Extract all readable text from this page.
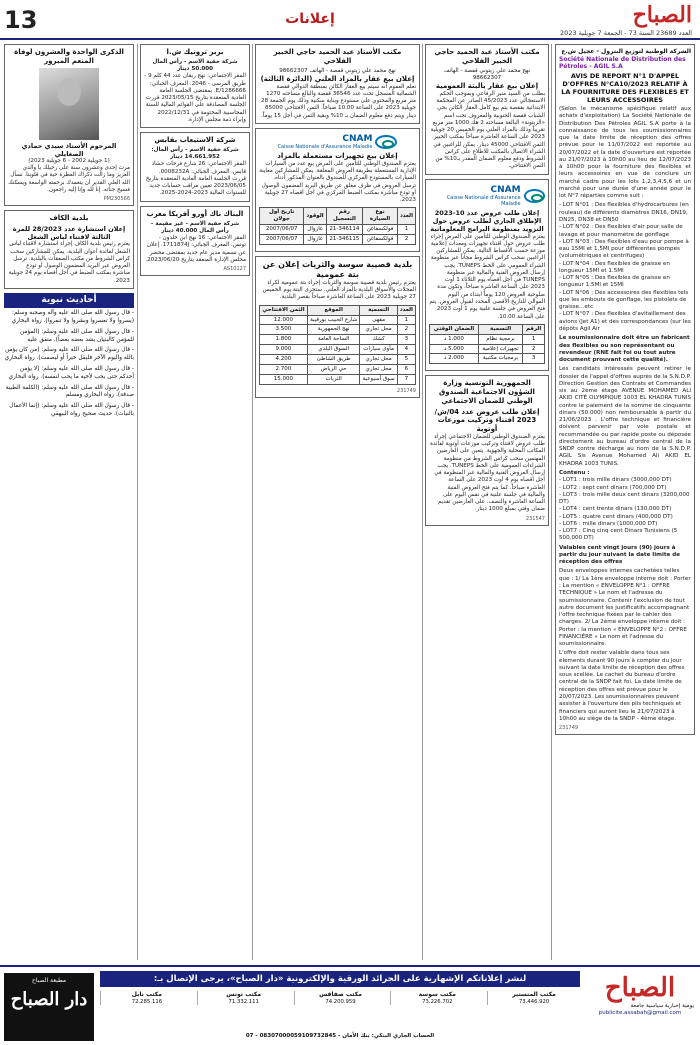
13	إعلانات	الصباح
العدد 23689 السنة 73 - الجمعة 7 جويلية 2023
الشركة الوطنية لتوزيع البترول - عجيل ش.ع
Société Nationale de Distribution des Pétroles - AGIL S.A
AVIS DE REPORT N°1 D'APPEL D'OFFRES N°CA10/2023 RELATIF À LA FOURNITURE DES FLEXIBLES ET LEURS ACCESSOIRES
(Selon le mécanisme spécifique relatif aux achats d'exploitation) La Société Nationale de Distribution Des Pétroles AGIL S.A porte à la connaissance de tous les soumissionnaires que la date limite de réception des offres prévue pour le 11/07/2022 est reportée au 20/07/2022 et la date d'ouverture est reportée au 21/07/2023 à 10h00 au lieu de 12/07/2023 à 10h00 pour la fourniture des flexibles et leurs accessoires en vue de conclure un marché cadre pour les lots 1,2,3,4,5,6 et un marché pour une durée d'une année pour le lot N°7 réparties comme suit :
- LOT N°01 : Des flexibles d'hydrocarbures (en rouleau) de différents diamètres DN16, DN19, DN25, DN38 et DN50
- LOT N°02 : Des flexibles d'air pour salle de lavage et pour manomètre de gonflage
- LOT N°03 : Des flexibles d'eau pour pompe à eau 15MI et 1,5MI pour différentes pompes (volumétriques et centrifuges)
- LOT N°04 : Des flexibles de graisse en longueur 15Ml et 1.5Ml
- LOT N°05 : Des flexibles de graisse en longueur 1.5Ml et 15Ml
- LOT N°06 : Des accessoires des flexibles tels que les embouts de gonflage, les pistolets de graisse...etc
- LOT N°07 : Des flexibles d'avitaillement des avions (Jet A1) et des correspondances (sur les dépôts Agil Air
Le soumissionnaire doit être un fabricant des flexibles ou son représentant ou revendeur (RNE fait foi ou tout autre document prouvant cette qualité).
Les candidats intéressés peuvent retirer le dossier de l'appel d'offres auprès de la S.N.D.P. Direction Gestion des Contrats et Commandes sis au 2ème étage AVENUE MOHAMED ALI AKID CITÉ OLYMPIQUE 1003 EL KHADRA TUNIS contre le paiement de la somme de cinquante dinars (50.000) non remboursable à partir du 21/06/2023 . L'offre technique et financière doivent parvenir par voie postale et recommandée ou par rapide poste ou déposée directement au bureau d'ordre central de la SNDP contre décharge au nom de la S.N.D.P. AGIL Sis Avenue Mohamed Ali AKID EL KHADRA 1003 TUNIS.
Contenu :
- LOT1 : trois mille dinars (3000,000 DT)
- LOT2 : sept cent dinars (700,000 DT)
- LOT3 : trois mille deux cent dinars (3200,000 DT)
- LOT4 : cent trente dinars (130,000 DT)
- LOT5 : quatre cent dinars (400,000 DT)
- LOT6 : mille dinars (1000,000 DT)
- LOT7 : Cinq cinq cent Dinars Tunisiens (5 500,000 DT)
Valables cent vingt jours (90) jours à partir du jour suivant la date limite de réception des offres
Deux enveloppes internes cachetées telles que : 1/ La 1ère enveloppe interne doit : Porter : La mention « ENVELOPPE N°1 : OFFRE TECHNIQUE » Le nom et l'adresse du soumissionnaire. Contenir l'exclusion de tout autre document les justificatifs accompagnant l'offre technique fixées par le cahier des charges. 2/ La 2ème enveloppe interne doit : Porter : la mention « ENVELOPPE N°2 : OFFRE FINANCIÈRE » Le nom et l'adresse du soumissionnaire.
L'offre doit rester valable dans tous ses éléments durant 90 jours à compter du jour suivant la date limite de réception des offres sous scellée. Le cachet du bureau d'ordre central de la SNDP fait foi. La date limite de réception des offres est prévue pour le 20/07/2023. Les soumissionnaires peuvent assister à l'ouverture des plis techniques et financiers qui auront lieu le 21/07/2023 à 10h00 au siège de la SNDP - 4ème étage.
231749
مكتب الأستاذ عبد الحميد حاجي الخبير الفلاحي
نهج محمد علي زيتوني قفصة - الهاتف 98662307
إعلان بيع عقار بالبتة العمومية
بطلب من السيد منير الرفاعي وبموجب الحكم الاستعجالي عدد 45/2023 الصادر عن المحكمة الابتدائية بقفصة يتم بيع كامل العقار الكائن بحي الشباب قفصة الجنوبية والمعروف تحت اسم «الزيتونة» البالغة مساحته 2 هك 1000 متر مربع تقريباً وذلك بالمزاد العلني يوم الخميس 20 جويلية 2023 على الساعة العاشرة صباحاً بمكتب الخبير. الثمن الافتتاحي 45000 دينار. يمكن للراغبين في الشراء الاتصال بالمكتب للاطلاع على كراس الشروط ودفع معلوم الضمان المقدر بـ10% من الثمن الافتتاحي.
CNAM
Caisse Nationale d'Assurance Maladie
إعلان طلب عروض عدد 10-2023 الإطلاق الجاري لطلب عروض حول التزويد بمنظومة البرامج المعلوماتية
يعتزم الصندوق الوطني للتأمين على المرض إجراء طلب عروض حول اقتناء تجهيزات ومعدات إعلامية موزعة حسب الأقساط التالية. يمكن للمشاركين الراغبين سحب كراس الشروط مجاناً عبر منظومة الشراء العمومي على الخط TUNEPS. يجب إرسال العروض الفنية والمالية عبر منظومة TUNEPS في أجل أقصاه يوم الثلاثاء 1 أوت 2023 على الساعة العاشرة صباحاً. وتكون مدة صلوحية العروض 120 يوماً ابتداء من اليوم الموالي للتاريخ الأقصى المحدد لقبول العروض. يتم فتح العروض في جلسة علنية يوم 1 أوت 2023 على الساعة 10.00.
الرقم	التسمية	الضمان الوقتي
1	برمجية نظام	1.000 د
2	تجهيزات إعلامية	5.000 د
3	برمجيات مكتبية	2.000 د
الجمهورية التونسية وزارة الشؤون الاجتماعية الصندوق الوطني للضمان الاجتماعي
إعلان طلب عروض عدد 04/ش/ 2023 اقتناء وتركيب موزعات أوتوية
يعتزم الصندوق الوطني للضمان الاجتماعي إجراء طلب عروض لاقتناء وتركيب موزعات أوتوية لفائدة المكاتب المحلية والجهوية. يتعين على العارضين المهتمين سحب كراس الشروط من منظومة الشراءات العمومية على الخط TUNEPS. يجب إرسال العروض الفنية والمالية عبر المنظومة في أجل أقصاه يوم 4 أوت 2023 على الساعة العاشرة صباحاً. كما يتم فتح العروض الفنية والمالية في جلسة علنية في نفس اليوم على الساعة العاشرة والنصف. على العارضين تقديم ضمان وقتي بمبلغ 1000 دينار.
231547
مكتب الأستاذ عبد الحميد حاجي الخبير الفلاحي
نهج محمد علي زيتوني قفصة - الهاتف 98662307
إعلان بيع عقار بالمزاد العلني (الدائرة الثالثة)
نعلم العموم أنه سيتم بيع العقار الكائن بمنطقة الدوالي قفصة الشمالية المسجل تحت عدد 36546 قفصة والبالغ مساحته 1270 متر مربع والمحتوي على مستودع وبناية سكنية وذلك يوم الجمعة 28 جويلية 2023 على الساعة 10.00 صباحاً. الثمن الافتتاحي 85000 دينار ويتم دفع معلوم الضمان بـ 10% وبقية الثمن في أجل 15 يوماً.
CNAM
Caisse Nationale d'Assurance Maladie
إعلان بيع تجهيزات مستعملة بالمزاد
يعتزم الصندوق الوطني للتأمين على المرض بيع عدد من السيارات الإدارية المستعملة بطريقة العروض المغلقة. يمكن للمشاركين معاينة السيارات بالمستودع المركزي للصندوق بالعنوان المذكور أدناه. ترسل العروض في ظرف مغلق عن طريق البريد المضمون الوصول أو تودع مباشرة بمكتب الضبط المركزي في أجل أقصاه 27 جويلية 2023.
العدد	نوع السيارة	رقم التسجيل	الوقود	تاريخ أول جولان
1	فولكسفاغن	21-346114	غازوال	2007/06/07
2	فولكسفاغن	21-346115	غازوال	2007/06/07
بلدية قصيبة سوسة والثريات إعلان عن بتة عمومية
يعتزم رئيس بلدية قصيبة سوسة والثريات إجراء بتة عمومية لكراء المحلات والأسواق البلدية بالمزاد العلني. ستجرى البتة يوم الخميس 27 جويلية 2023 على الساعة العاشرة صباحاً بقصر البلدية.
العدد	التسمية	الموقع	الثمن الافتتاحي
1	مقهى	شارع الحبيب بورقيبة	12.000
2	محل تجاري	نهج الجمهورية	3.500
3	كشك	الساحة العامة	1.800
4	مأوى سيارات	السوق البلدي	9.000
5	محل تجاري	طريق الشاطئ	4.200
6	محل تجاري	حي الرياض	2.700
7	سوق أسبوعية	الثريات	15.000
231749
بربر ترونيك ش.ا
شركة خفية الاسم - رأس المال 50.000 دينار
المقر الاجتماعي: نهج ريقان عدد 44 كلم 9 - طريق المرسى - 2046. المعرف الجبائي: 1286666/E. بمقتضى الجلسة العامة العادية المنعقدة بتاريخ 2023/05/15 قررت الجلسة المصادقة على القوائم المالية للسنة المحاسبية المختومة في 2022/12/31 وإبراء ذمة مجلس الإدارة.
شركة الاستيعاب بقابس
شركة خفية الاسم - رأس المال: 14.661.952 دينار
المقر الاجتماعي: 26 شارع فرحات حشاد قابس. المعرف الجبائي: 0008232A. قررت الجلسة العامة العادية المنعقدة بتاريخ 2023/06/05 تعيين مراقب حسابات جديد للسنوات المالية 2023-2024-2025.
البناك ناك أورو أفريكا مغرب
شركة خفية الاسم - غير مقيمة - رأس المال 40.000 دينار
المقر الاجتماعي: 16 نهج ابن خلدون - تونس. المعرف الجبائي: 1711874J. إعلان عن تسمية مدير عام جديد بمقتضى محضر مجلس الإدارة المنعقد بتاريخ 2023/06/20.
AS10127
الذكرى الواحدة والعشرون لوفاة المنعم المبرور
المرحوم الأستاذ سيدي حمادي الصغايلي
(1 جويلية 2002 - 6 جويلية 2023)
مرت إحدى وعشرون سنة على رحيلك يا والدي العزيز وما زالت ذكراك العطرة حية في قلوبنا. نسأل الله العلي القدير أن يتغمدك برحمته الواسعة ويسكنك فسيح جناته. إنا لله وإنا إليه راجعون.
PM230566
بلدية الكاف
إعلان استشارة عدد 28/2023 للمرة الثالثة لاقتناء لباس الشغل
يعتزم رئيس بلدية الكاف إجراء استشارة لاقتناء لباس الشغل لفائدة أعوان البلدية. يمكن للمشاركين سحب كراس الشروط من مكتب الصفقات بالبلدية. ترسل العروض عبر البريد المضمون الوصول أو تودع مباشرة بمكتب الضبط في أجل أقصاه يوم 24 جويلية 2023.
أحاديث نبوية
- قال رسول الله صلى الله عليه وآله وصحبه وسلم: (يسروا ولا تعسروا وبشروا ولا تنفروا). رواه البخاري
- قال رسول الله صلى الله عليه وسلم: (المؤمن للمؤمن كالبنيان يشد بعضه بعضاً). متفق عليه
- قال رسول الله صلى الله عليه وسلم: (من كان يؤمن بالله واليوم الآخر فليقل خيراً أو ليصمت). رواه البخاري
- قال رسول الله صلى الله عليه وسلم: (لا يؤمن أحدكم حتى يحب لأخيه ما يحب لنفسه). رواه البخاري
- قال رسول الله صلى الله عليه وسلم: (الكلمة الطيبة صدقة). رواه البخاري ومسلم
- قال رسول الله صلى الله عليه وسلم: (إنما الأعمال بالنيات). حديث صحيح رواه البيهقي
مطبعة الصباح
دار الصباح
لنشر إعلاناتكم الإشهارية على الجرائد الورقية والإلكترونية «دار الصباح»، يرجى الإتصال بـ:
مكتب المنستير
73.446.920
مكتب سوسة
73.226.702
مكتب صفاقس
74.200.959
مكتب تونس
71.332.111
مكتب نابل
72.285.116
الحساب الجاري البنكي: بنك الأمان - 08307000059109732845 - 07
الصباح
يومية إخبارية سياسية جامعة
publicite.assabah@gmail.com
